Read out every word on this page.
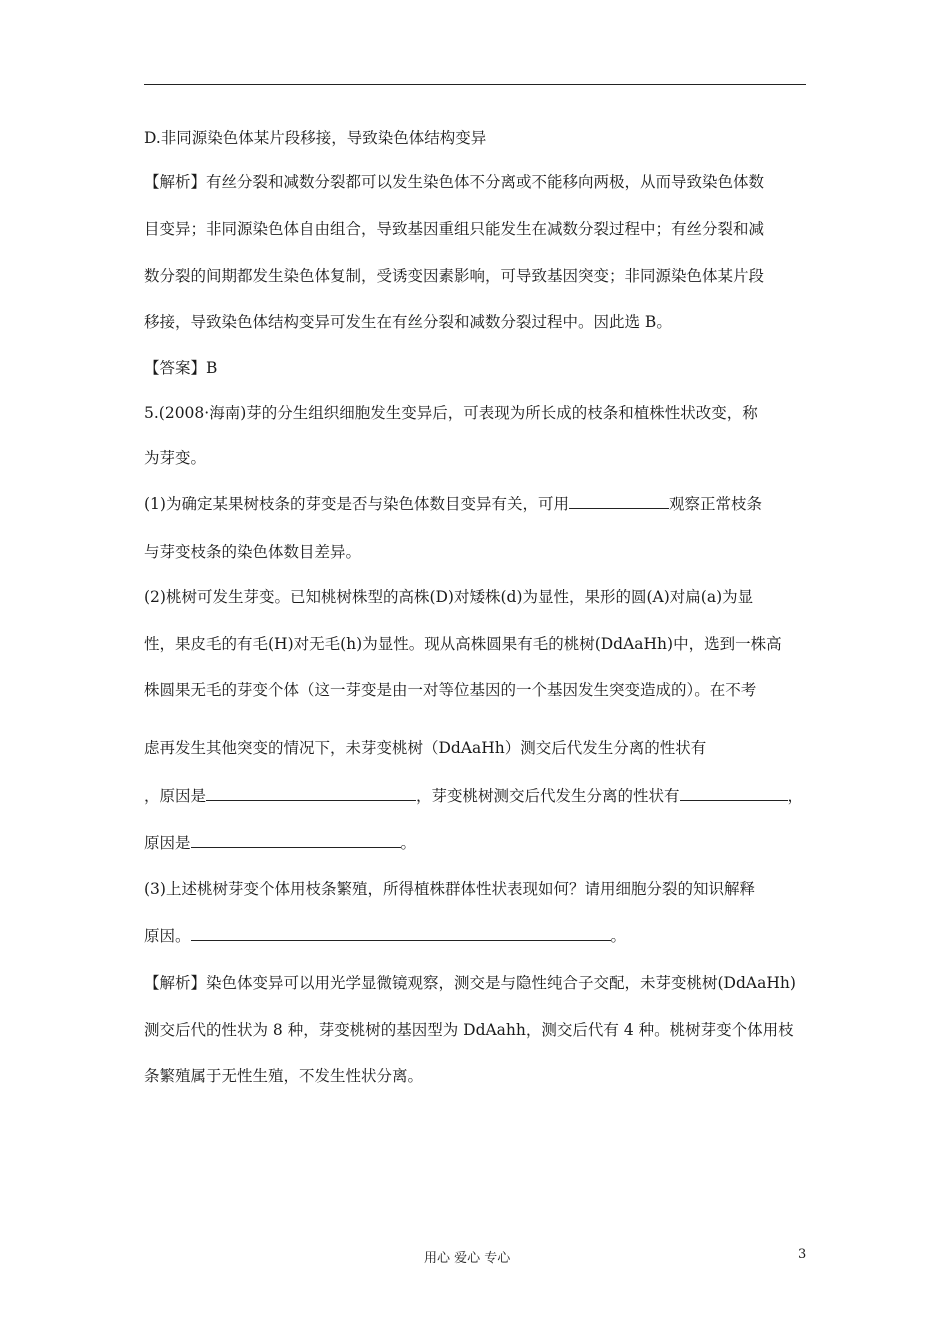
D.非同源染色体某片段移接，导致染色体结构变异
【解析】有丝分裂和减数分裂都可以发生染色体不分离或不能移向两极，从而导致染色体数
目变异；非同源染色体自由组合，导致基因重组只能发生在减数分裂过程中；有丝分裂和减
数分裂的间期都发生染色体复制，受诱变因素影响，可导致基因突变；非同源染色体某片段
移接，导致染色体结构变异可发生在有丝分裂和减数分裂过程中。因此选 B。
【答案】B
5.(2008·海南)芽的分生组织细胞发生变异后，可表现为所长成的枝条和植株性状改变，称
为芽变。
(1)为确定某果树枝条的芽变是否与染色体数目变异有关，可用	观察正常枝条
与芽变枝条的染色体数目差异。
(2)桃树可发生芽变。已知桃树株型的高株(D)对矮株(d)为显性，果形的圆(A)对扁(a)为显
性，果皮毛的有毛(H)对无毛(h)为显性。现从高株圆果有毛的桃树(DdAaHh)中，选到一株高
株圆果无毛的芽变个体（这一芽变是由一对等位基因的一个基因发生突变造成的）。在不考
虑再发生其他突变的情况下，未芽变桃树（DdAaHh）测交后代发生分离的性状有
，原因是	，芽变桃树测交后代发生分离的性状有	，
原因是	。
(3)上述桃树芽变个体用枝条繁殖，所得植株群体性状表现如何？请用细胞分裂的知识解释
原因。	。
【解析】染色体变异可以用光学显微镜观察，测交是与隐性纯合子交配，未芽变桃树(DdAaHh)
测交后代的性状为 8 种，芽变桃树的基因型为 DdAahh，测交后代有 4 种。桃树芽变个体用枝
条繁殖属于无性生殖，不发生性状分离。
用心 爱心 专心	3
